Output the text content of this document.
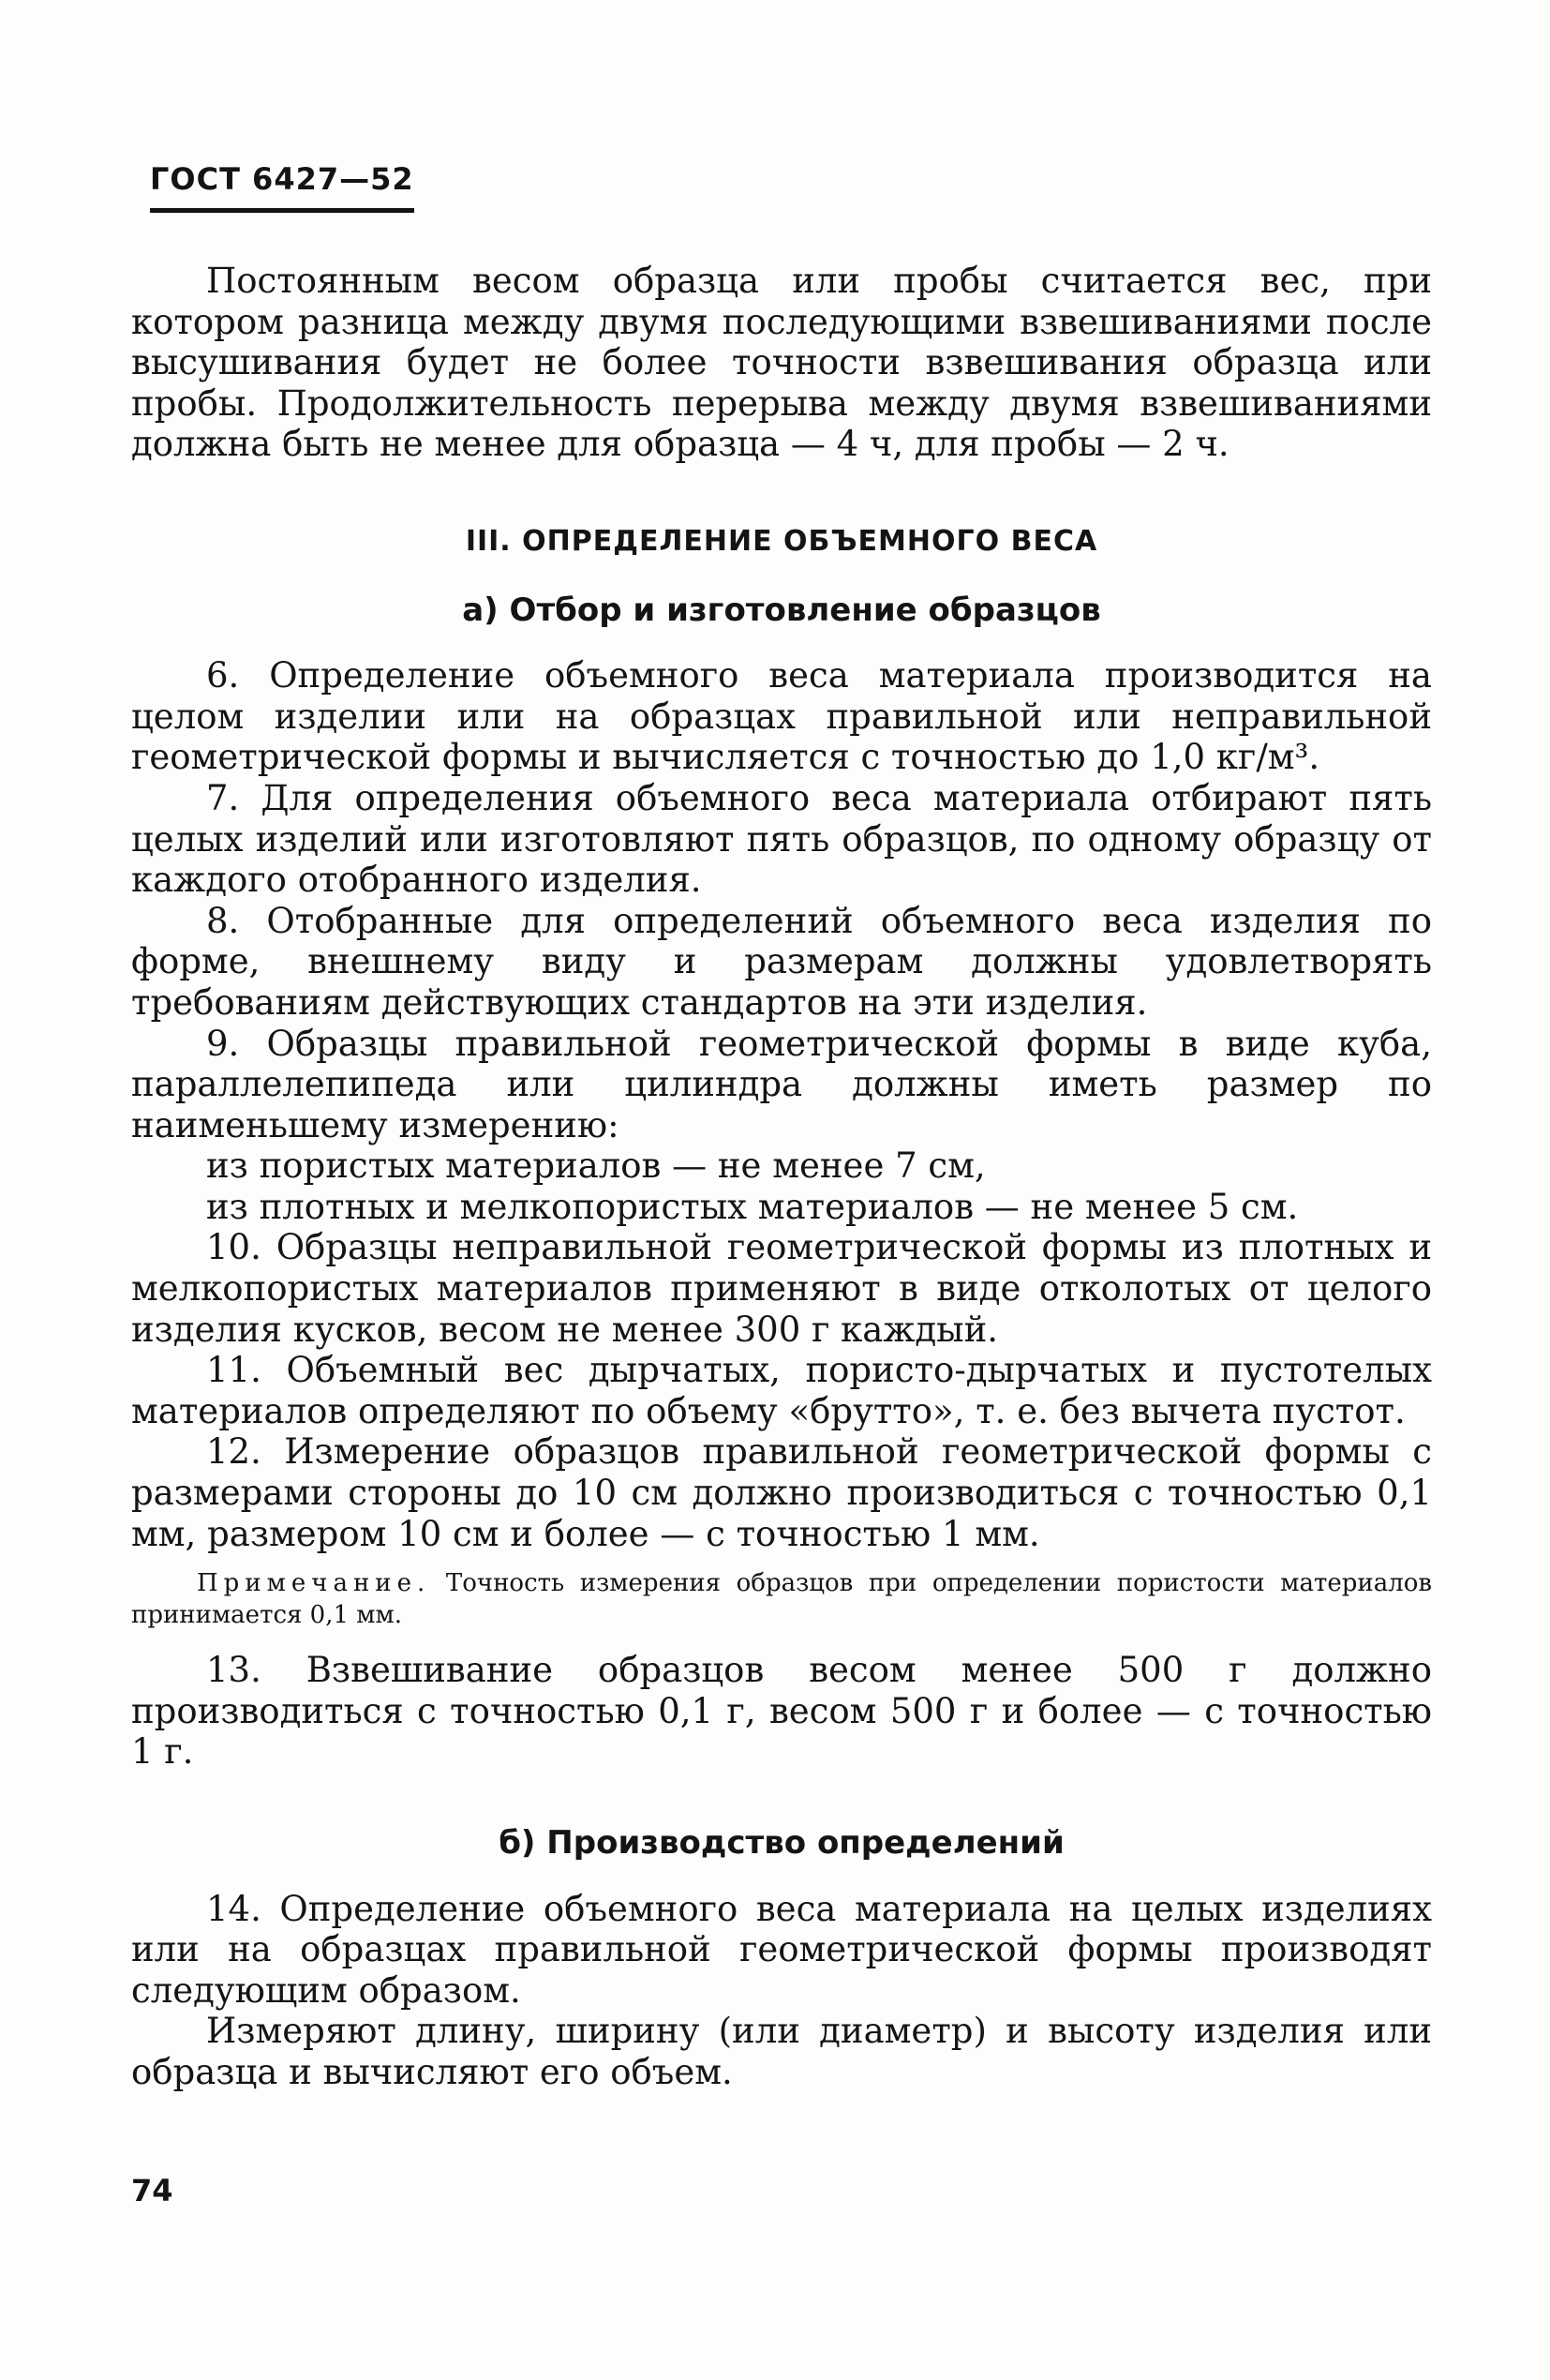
ГОСТ 6427—52

Постоянным весом образца или пробы считается вес, при котором разница между двумя последующими взвешиваниями после высушивания будет не более точности взвешивания образца или пробы. Продолжительность перерыва между двумя взвешиваниями должна быть не менее для образца — 4 ч, для пробы — 2 ч.

III. ОПРЕДЕЛЕНИЕ ОБЪЕМНОГО ВЕСА
а) Отбор и изготовление образцов

6. Определение объемного веса материала производится на целом изделии или на образцах правильной или неправильной геометрической формы и вычисляется с точностью до 1,0 кг/м³.

7. Для определения объемного веса материала отбирают пять целых изделий или изготовляют пять образцов, по одному образцу от каждого отобранного изделия.

8. Отобранные для определений объемного веса изделия по форме, внешнему виду и размерам должны удовлетворять требованиям действующих стандартов на эти изделия.

9. Образцы правильной геометрической формы в виде куба, параллелепипеда или цилиндра должны иметь размер по наименьшему измерению:

из пористых материалов — не менее 7 см,

из плотных и мелкопористых материалов — не менее 5 см.

10. Образцы неправильной геометрической формы из плотных и мелкопористых материалов применяют в виде отколотых от целого изделия кусков, весом не менее 300 г каждый.

11. Объемный вес дырчатых, пористо-дырчатых и пустотелых материалов определяют по объему «брутто», т. е. без вычета пустот.

12. Измерение образцов правильной геометрической формы с размерами стороны до 10 см должно производиться с точностью 0,1 мм, размером 10 см и более — с точностью 1 мм.

Примечание. Точность измерения образцов при определении пористости материалов принимается 0,1 мм.

13. Взвешивание образцов весом менее 500 г должно производиться с точностью 0,1 г, весом 500 г и более — с точностью 1 г.

б) Производство определений

14. Определение объемного веса материала на целых изделиях или на образцах правильной геометрической формы производят следующим образом.

Измеряют длину, ширину (или диаметр) и высоту изделия или образца и вычисляют его объем.

74
